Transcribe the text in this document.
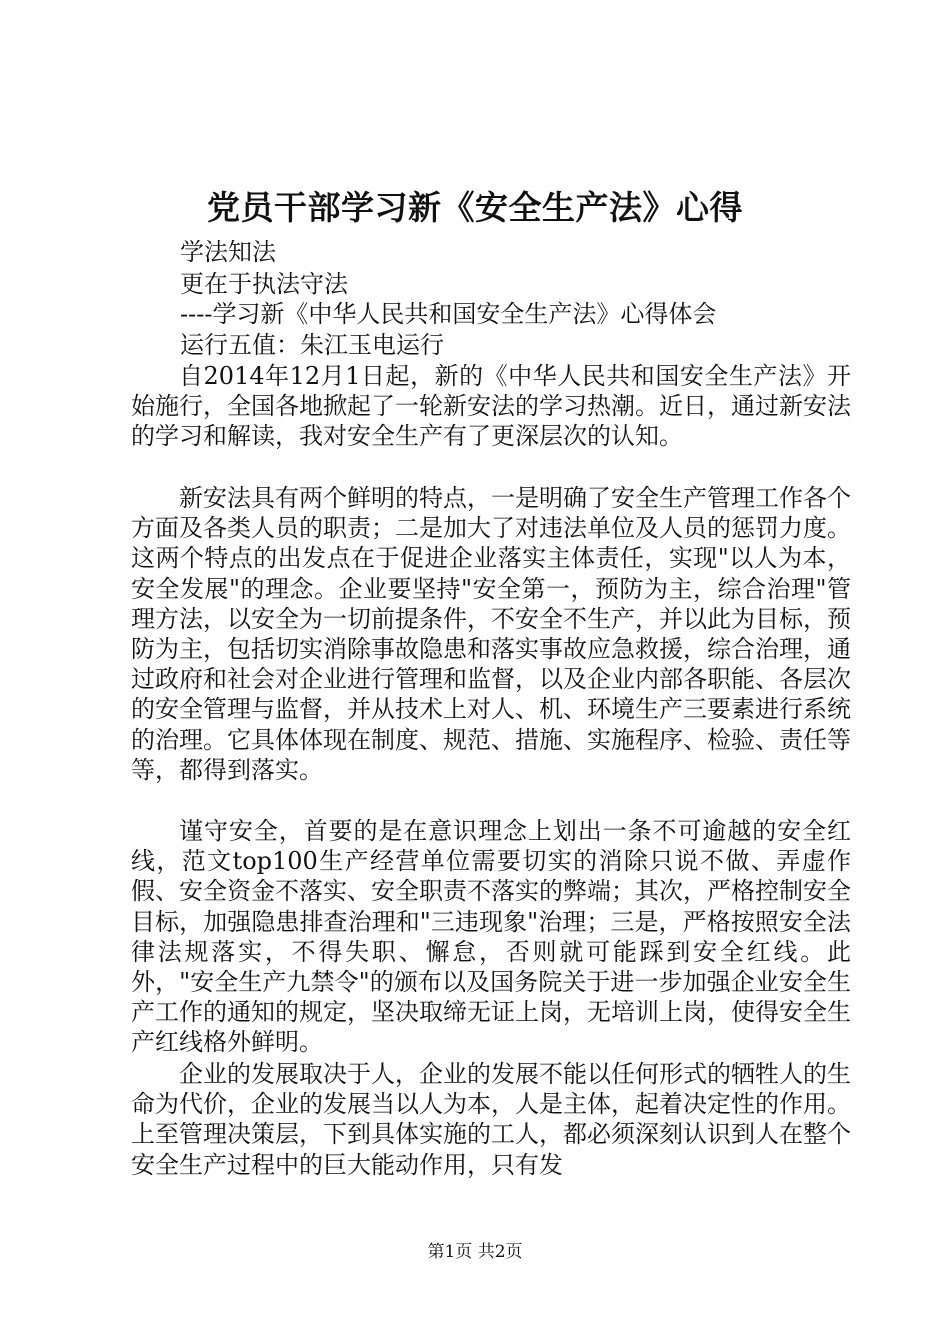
党员干部学习新《安全生产法》心得
学法知法
更在于执法守法
----学习新《中华人民共和国安全生产法》心得体会
运行五值：朱江玉电运行

自2014年12月1日起，新的《中华人民共和国安全生产法》开始施行，全国各地掀起了一轮新安法的学习热潮。近日，通过新安法的学习和解读，我对安全生产有了更深层次的认知。

新安法具有两个鲜明的特点，一是明确了安全生产管理工作各个方面及各类人员的职责；二是加大了对违法单位及人员的惩罚力度。这两个特点的出发点在于促进企业落实主体责任，实现"以人为本，安全发展"的理念。企业要坚持"安全第一，预防为主，综合治理"管理方法，以安全为一切前提条件，不安全不生产，并以此为目标，预防为主，包括切实消除事故隐患和落实事故应急救援，综合治理，通过政府和社会对企业进行管理和监督，以及企业内部各职能、各层次的安全管理与监督，并从技术上对人、机、环境生产三要素进行系统的治理。它具体体现在制度、规范、措施、实施程序、检验、责任等等，都得到落实。

谨守安全，首要的是在意识理念上划出一条不可逾越的安全红线，范文top100生产经营单位需要切实的消除只说不做、弄虚作假、安全资金不落实、安全职责不落实的弊端；其次，严格控制安全目标，加强隐患排查治理和"三违现象"治理；三是，严格按照安全法律法规落实，不得失职、懈怠，否则就可能踩到安全红线。此外，"安全生产九禁令"的颁布以及国务院关于进一步加强企业安全生产工作的通知的规定，坚决取缔无证上岗，无培训上岗，使得安全生产红线格外鲜明。

企业的发展取决于人，企业的发展不能以任何形式的牺牲人的生命为代价，企业的发展当以人为本，人是主体，起着决定性的作用。上至管理决策层，下到具体实施的工人，都必须深刻认识到人在整个安全生产过程中的巨大能动作用，只有发

第1页 共2页
